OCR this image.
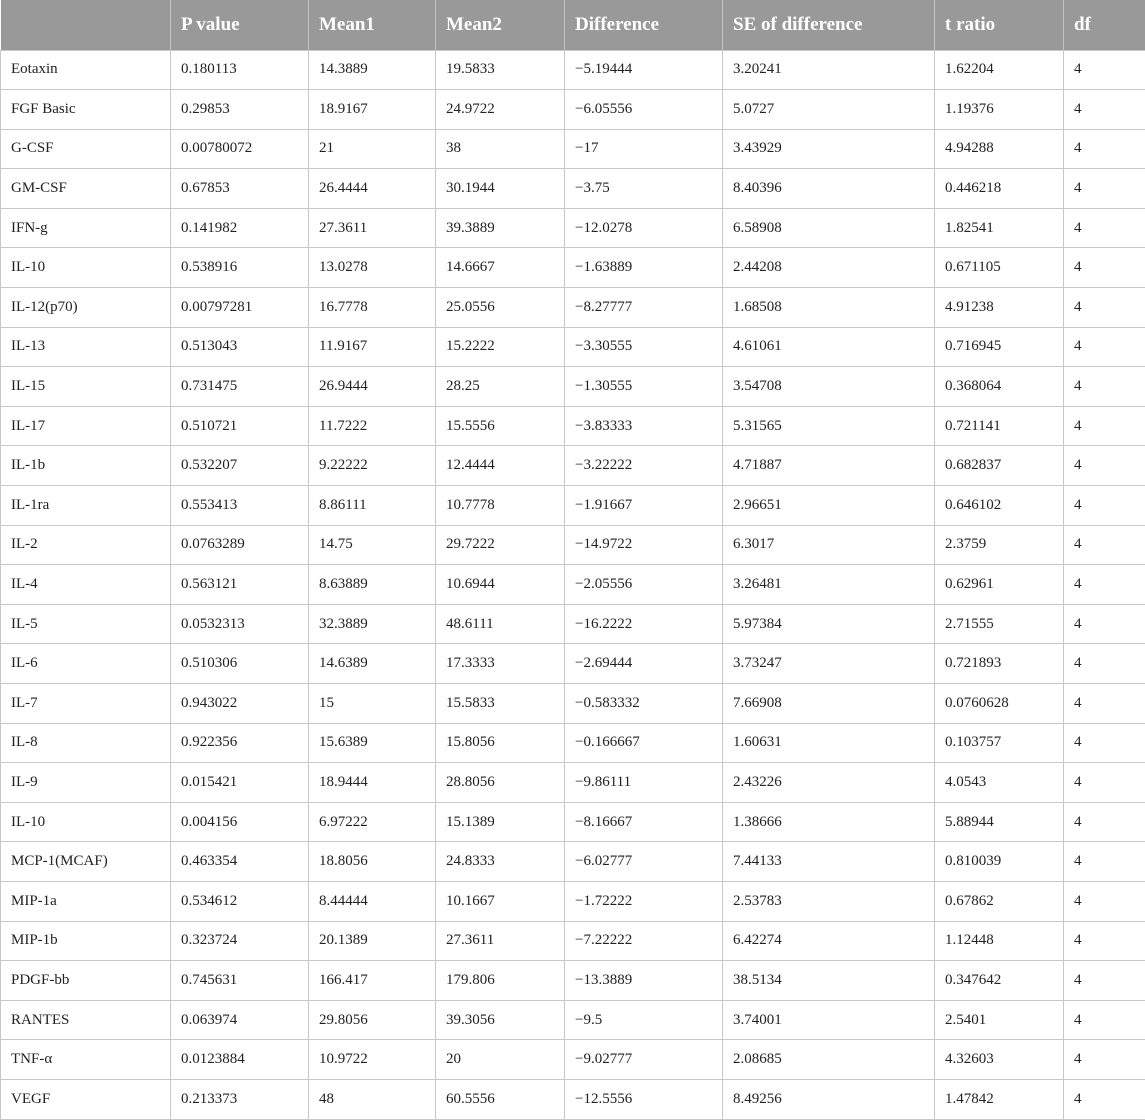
	P value	Mean1	Mean2	Difference	SE of difference	t ratio	df
Eotaxin	0.180113	14.3889	19.5833	−5.19444	3.20241	1.62204	4
FGF Basic	0.29853	18.9167	24.9722	−6.05556	5.0727	1.19376	4
G-CSF	0.00780072	21	38	−17	3.43929	4.94288	4
GM-CSF	0.67853	26.4444	30.1944	−3.75	8.40396	0.446218	4
IFN-g	0.141982	27.3611	39.3889	−12.0278	6.58908	1.82541	4
IL-10	0.538916	13.0278	14.6667	−1.63889	2.44208	0.671105	4
IL-12(p70)	0.00797281	16.7778	25.0556	−8.27777	1.68508	4.91238	4
IL-13	0.513043	11.9167	15.2222	−3.30555	4.61061	0.716945	4
IL-15	0.731475	26.9444	28.25	−1.30555	3.54708	0.368064	4
IL-17	0.510721	11.7222	15.5556	−3.83333	5.31565	0.721141	4
IL-1b	0.532207	9.22222	12.4444	−3.22222	4.71887	0.682837	4
IL-1ra	0.553413	8.86111	10.7778	−1.91667	2.96651	0.646102	4
IL-2	0.0763289	14.75	29.7222	−14.9722	6.3017	2.3759	4
IL-4	0.563121	8.63889	10.6944	−2.05556	3.26481	0.62961	4
IL-5	0.0532313	32.3889	48.6111	−16.2222	5.97384	2.71555	4
IL-6	0.510306	14.6389	17.3333	−2.69444	3.73247	0.721893	4
IL-7	0.943022	15	15.5833	−0.583332	7.66908	0.0760628	4
IL-8	0.922356	15.6389	15.8056	−0.166667	1.60631	0.103757	4
IL-9	0.015421	18.9444	28.8056	−9.86111	2.43226	4.0543	4
IL-10	0.004156	6.97222	15.1389	−8.16667	1.38666	5.88944	4
MCP-1(MCAF)	0.463354	18.8056	24.8333	−6.02777	7.44133	0.810039	4
MIP-1a	0.534612	8.44444	10.1667	−1.72222	2.53783	0.67862	4
MIP-1b	0.323724	20.1389	27.3611	−7.22222	6.42274	1.12448	4
PDGF-bb	0.745631	166.417	179.806	−13.3889	38.5134	0.347642	4
RANTES	0.063974	29.8056	39.3056	−9.5	3.74001	2.5401	4
TNF-α	0.0123884	10.9722	20	−9.02777	2.08685	4.32603	4
VEGF	0.213373	48	60.5556	−12.5556	8.49256	1.47842	4
